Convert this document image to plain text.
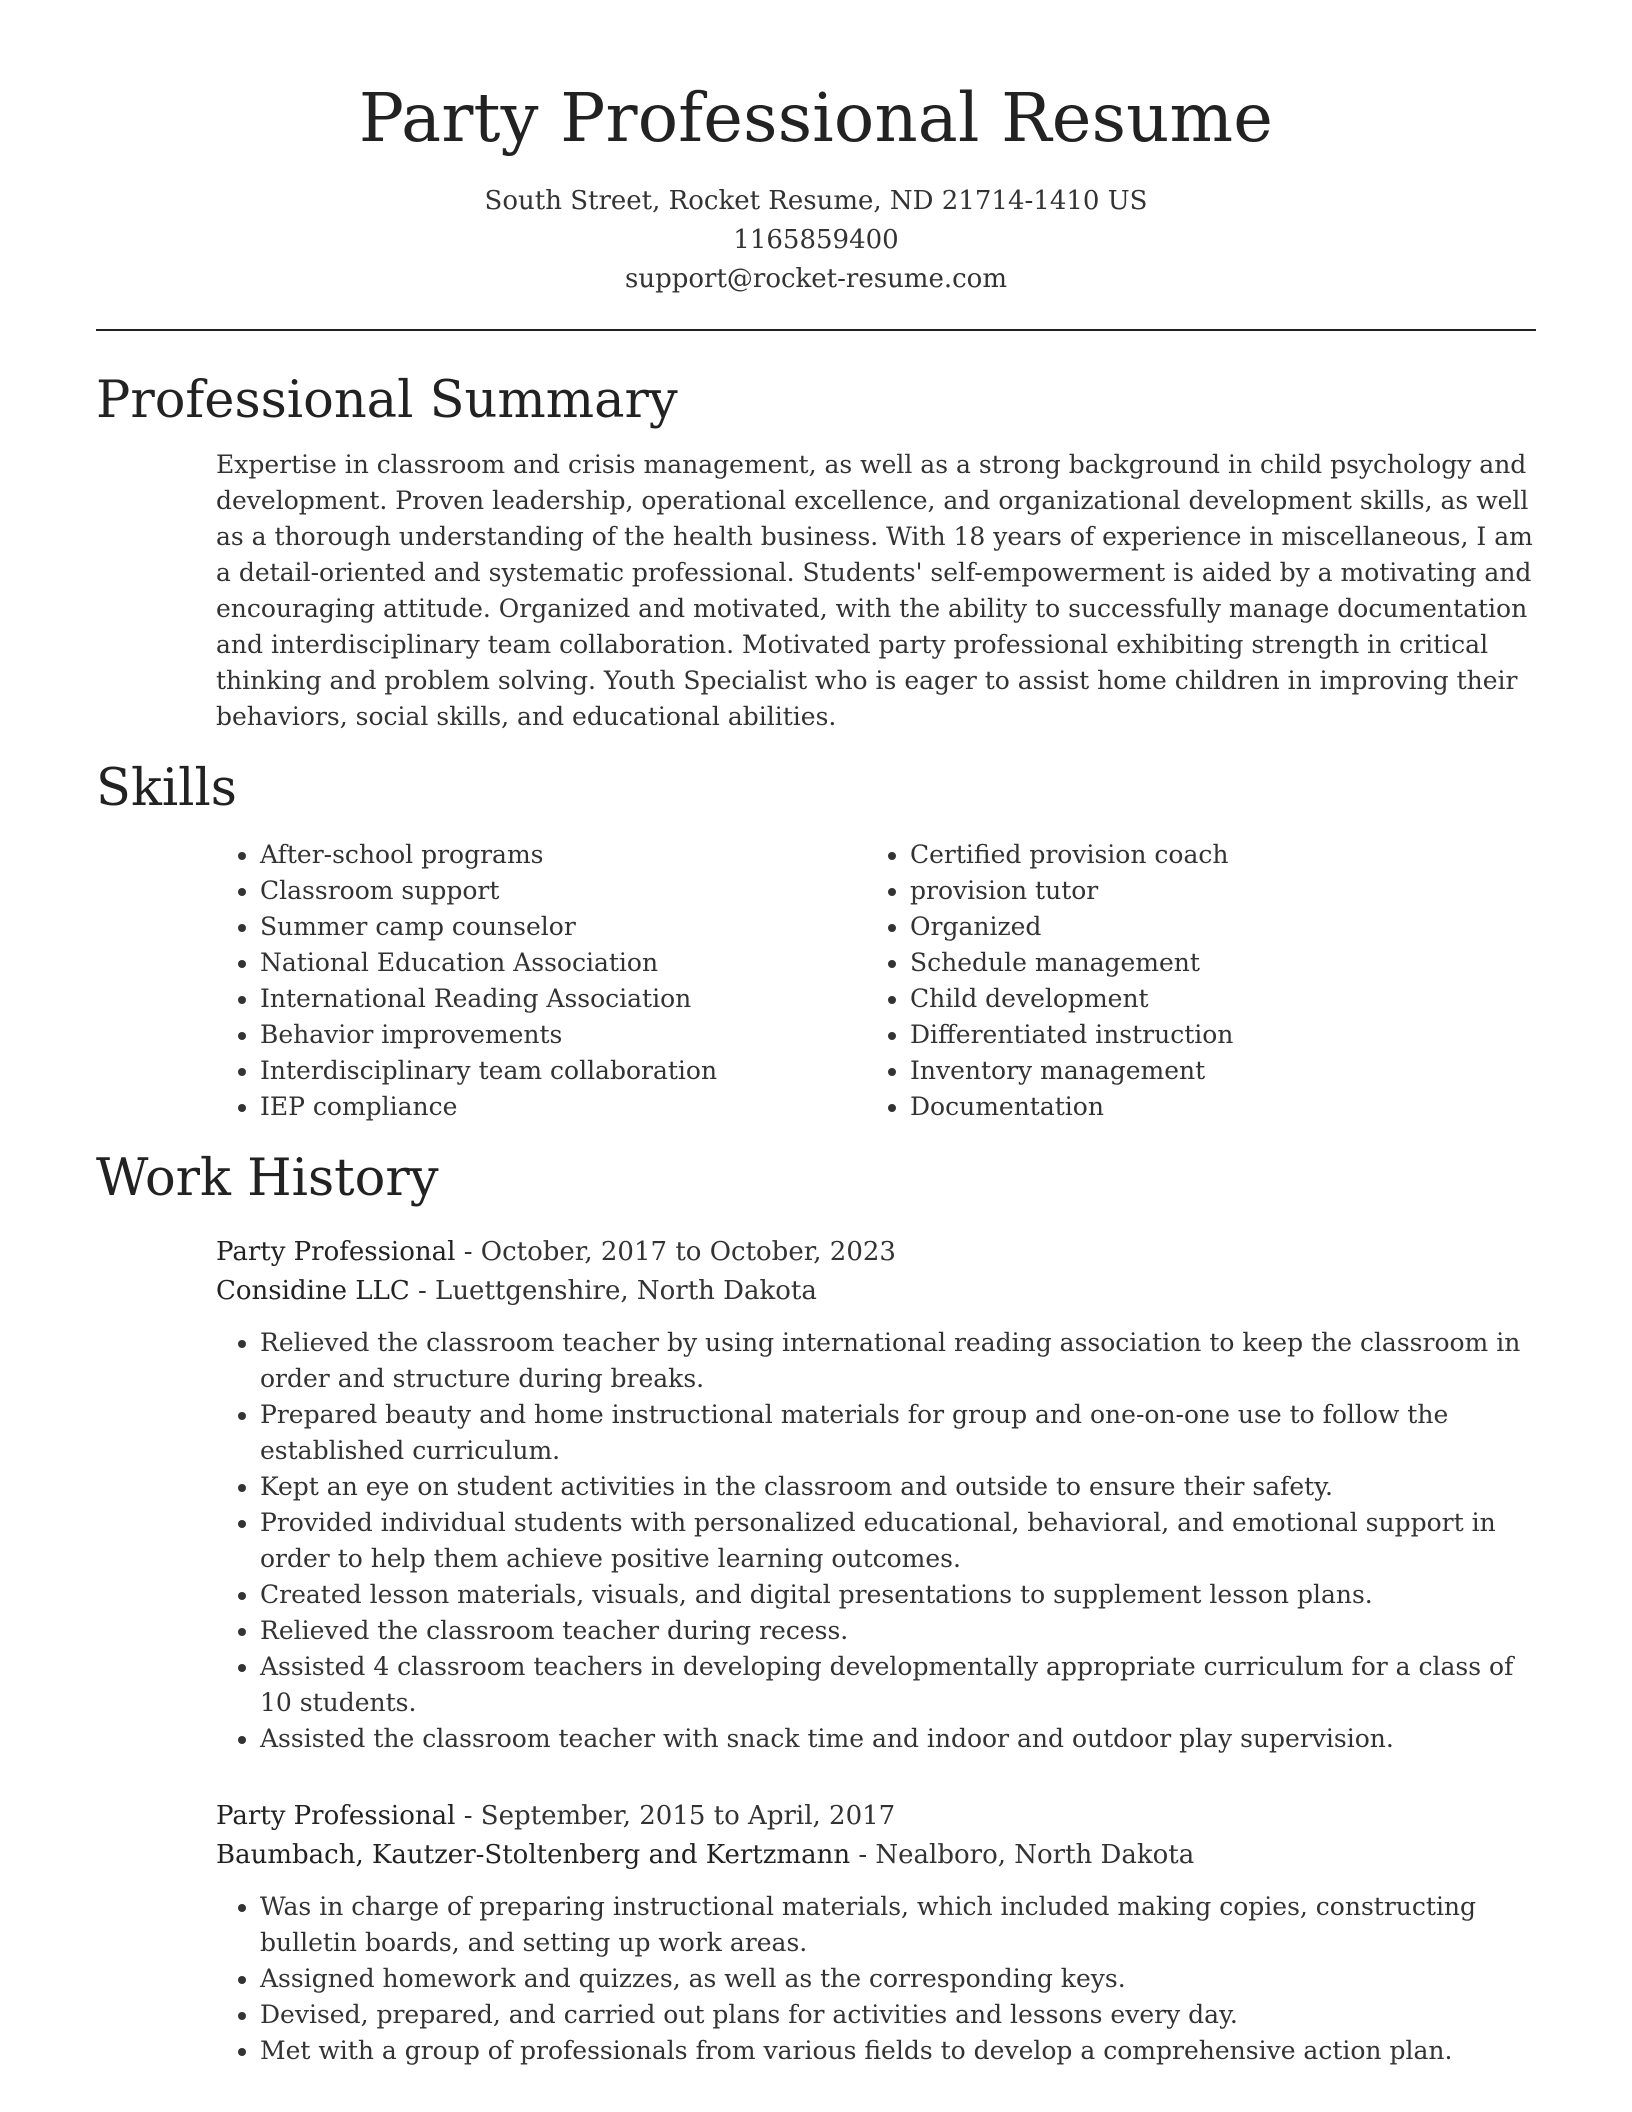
Party Professional Resume
South Street, Rocket Resume, ND 21714-1410 US
1165859400
support@rocket-resume.com
Professional Summary

Expertise in classroom and crisis management, as well as a strong background in child psychology and development. Proven leadership, operational excellence, and organizational development skills, as well as a thorough understanding of the health business. With 18 years of experience in miscellaneous, I am a detail-oriented and systematic professional. Students' self-empowerment is aided by a motivating and encouraging attitude. Organized and motivated, with the ability to successfully manage documentation and interdisciplinary team collaboration. Motivated party professional exhibiting strength in critical thinking and problem solving. Youth Specialist who is eager to assist home children in improving their behaviors, social skills, and educational abilities.

Skills
• After-school programs
• Classroom support
• Summer camp counselor
• National Education Association
• International Reading Association
• Behavior improvements
• Interdisciplinary team collaboration
• IEP compliance
• Certified provision coach
• provision tutor
• Organized
• Schedule management
• Child development
• Differentiated instruction
• Inventory management
• Documentation
Work History
Party Professional - October, 2017 to October, 2023
Considine LLC - Luettgenshire, North Dakota
• Relieved the classroom teacher by using international reading association to keep the classroom in order and structure during breaks.
• Prepared beauty and home instructional materials for group and one-on-one use to follow the established curriculum.
• Kept an eye on student activities in the classroom and outside to ensure their safety.
• Provided individual students with personalized educational, behavioral, and emotional support in order to help them achieve positive learning outcomes.
• Created lesson materials, visuals, and digital presentations to supplement lesson plans.
• Relieved the classroom teacher during recess.
• Assisted 4 classroom teachers in developing developmentally appropriate curriculum for a class of 10 students.
• Assisted the classroom teacher with snack time and indoor and outdoor play supervision.
Party Professional - September, 2015 to April, 2017
Baumbach, Kautzer-Stoltenberg and Kertzmann - Nealboro, North Dakota
• Was in charge of preparing instructional materials, which included making copies, constructing bulletin boards, and setting up work areas.
• Assigned homework and quizzes, as well as the corresponding keys.
• Devised, prepared, and carried out plans for activities and lessons every day.
• Met with a group of professionals from various fields to develop a comprehensive action plan.
